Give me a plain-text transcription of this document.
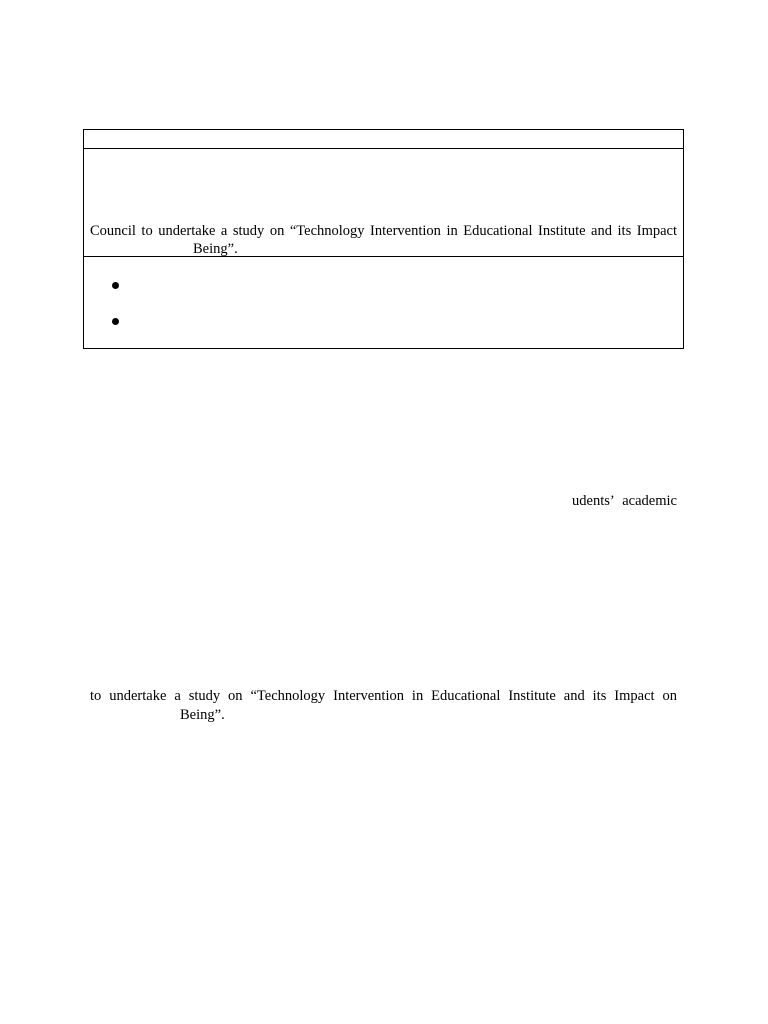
Council to undertake a study on “Technology Intervention in Educational Institute and its Impact
Being”.
udents’ academic
to undertake a study on “Technology Intervention in Educational Institute and its Impact on
Being”.
